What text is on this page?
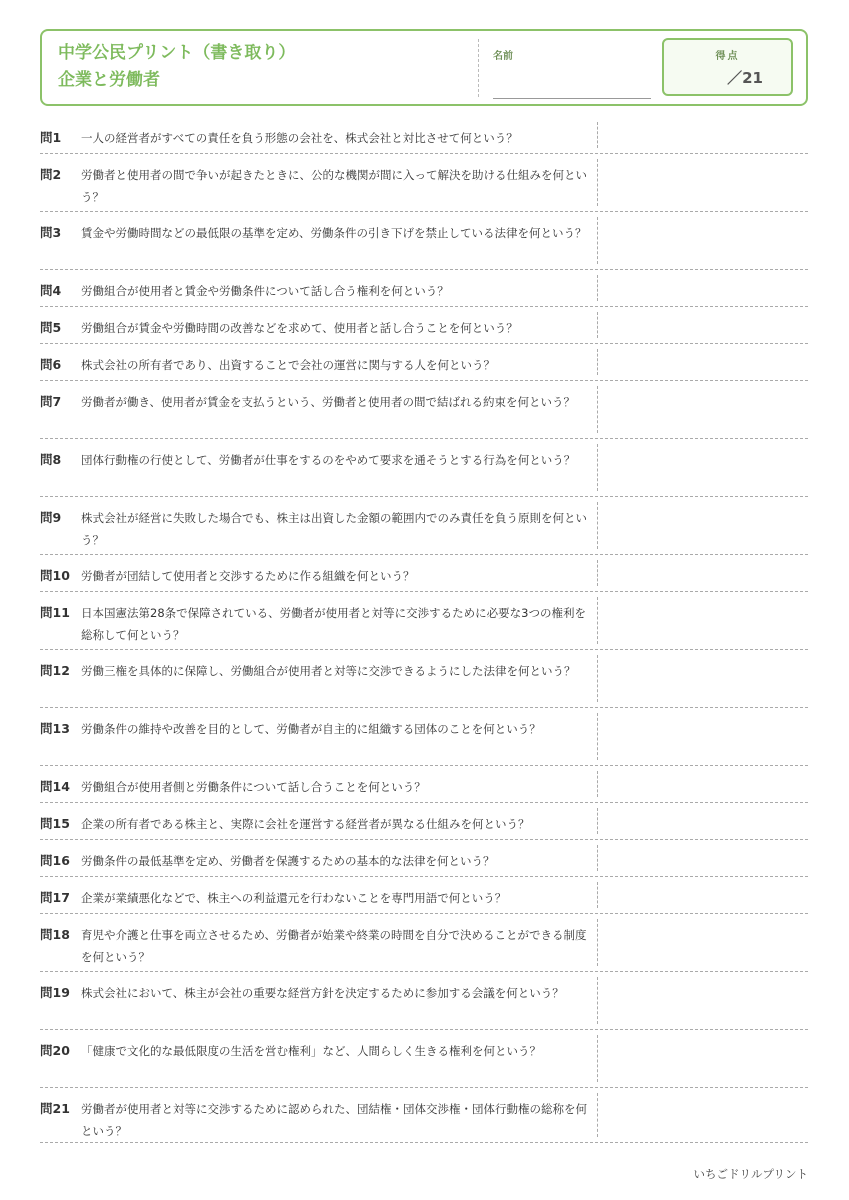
中学公民プリント（書き取り）
企業と労働者
名前	得点
／21
問1 一人の経営者がすべての責任を負う形態の会社を、株式会社と対比させて何という？
問2 労働者と使用者の間で争いが起きたときに、公的な機関が間に入って解決を助ける仕組みを何という？
問3 賃金や労働時間などの最低限の基準を定め、労働条件の引き下げを禁止している法律を何という？
問4 労働組合が使用者と賃金や労働条件について話し合う権利を何という？
問5 労働組合が賃金や労働時間の改善などを求めて、使用者と話し合うことを何という？
問6 株式会社の所有者であり、出資することで会社の運営に関与する人を何という？
問7 労働者が働き、使用者が賃金を支払うという、労働者と使用者の間で結ばれる約束を何という？
問8 団体行動権の行使として、労働者が仕事をするのをやめて要求を通そうとする行為を何という？
問9 株式会社が経営に失敗した場合でも、株主は出資した金額の範囲内でのみ責任を負う原則を何という？
問10 労働者が団結して使用者と交渉するために作る組織を何という？
問11 日本国憲法第28条で保障されている、労働者が使用者と対等に交渉するために必要な3つの権利を総称して何という？
問12 労働三権を具体的に保障し、労働組合が使用者と対等に交渉できるようにした法律を何という？
問13 労働条件の維持や改善を目的として、労働者が自主的に組織する団体のことを何という？
問14 労働組合が使用者側と労働条件について話し合うことを何という？
問15 企業の所有者である株主と、実際に会社を運営する経営者が異なる仕組みを何という？
問16 労働条件の最低基準を定め、労働者を保護するための基本的な法律を何という？
問17 企業が業績悪化などで、株主への利益還元を行わないことを専門用語で何という？
問18 育児や介護と仕事を両立させるため、労働者が始業や終業の時間を自分で決めることができる制度を何という？
問19 株式会社において、株主が会社の重要な経営方針を決定するために参加する会議を何という？
問20 「健康で文化的な最低限度の生活を営む権利」など、人間らしく生きる権利を何という？
問21 労働者が使用者と対等に交渉するために認められた、団結権・団体交渉権・団体行動権の総称を何という？
いちごドリルプリント
